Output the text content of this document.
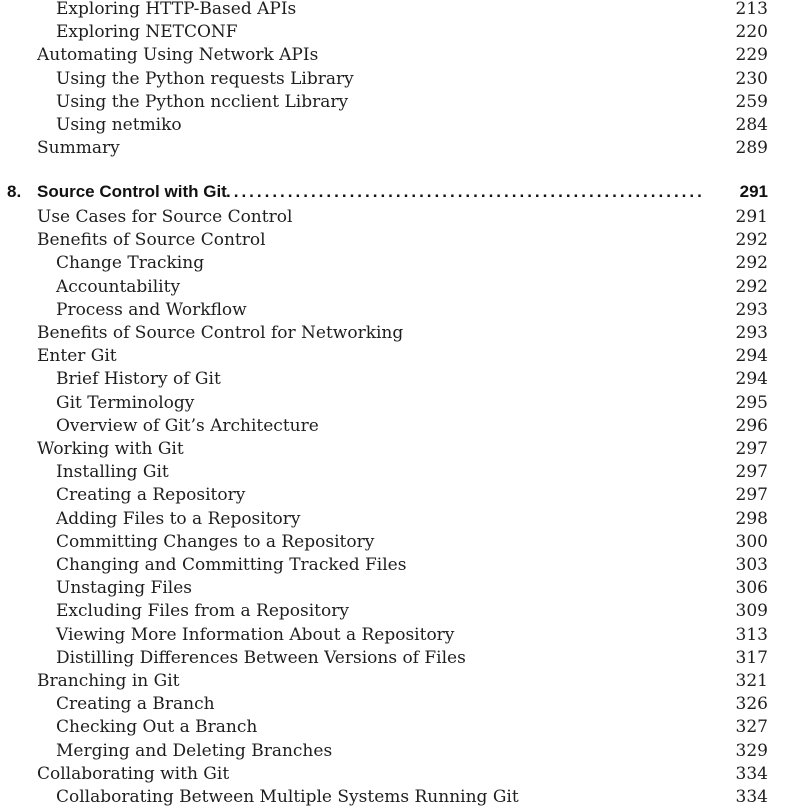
Exploring HTTP-Based APIs	213
Exploring NETCONF	220
Automating Using Network APIs	229
Using the Python requests Library	230
Using the Python ncclient Library	259
Using netmiko	284
Summary	289
8. Source Control with Git ..............................................................	291
Use Cases for Source Control	291
Benefits of Source Control	292
Change Tracking	292
Accountability	292
Process and Workflow	293
Benefits of Source Control for Networking	293
Enter Git	294
Brief History of Git	294
Git Terminology	295
Overview of Git’s Architecture	296
Working with Git	297
Installing Git	297
Creating a Repository	297
Adding Files to a Repository	298
Committing Changes to a Repository	300
Changing and Committing Tracked Files	303
Unstaging Files	306
Excluding Files from a Repository	309
Viewing More Information About a Repository	313
Distilling Differences Between Versions of Files	317
Branching in Git	321
Creating a Branch	326
Checking Out a Branch	327
Merging and Deleting Branches	329
Collaborating with Git	334
Collaborating Between Multiple Systems Running Git	334
